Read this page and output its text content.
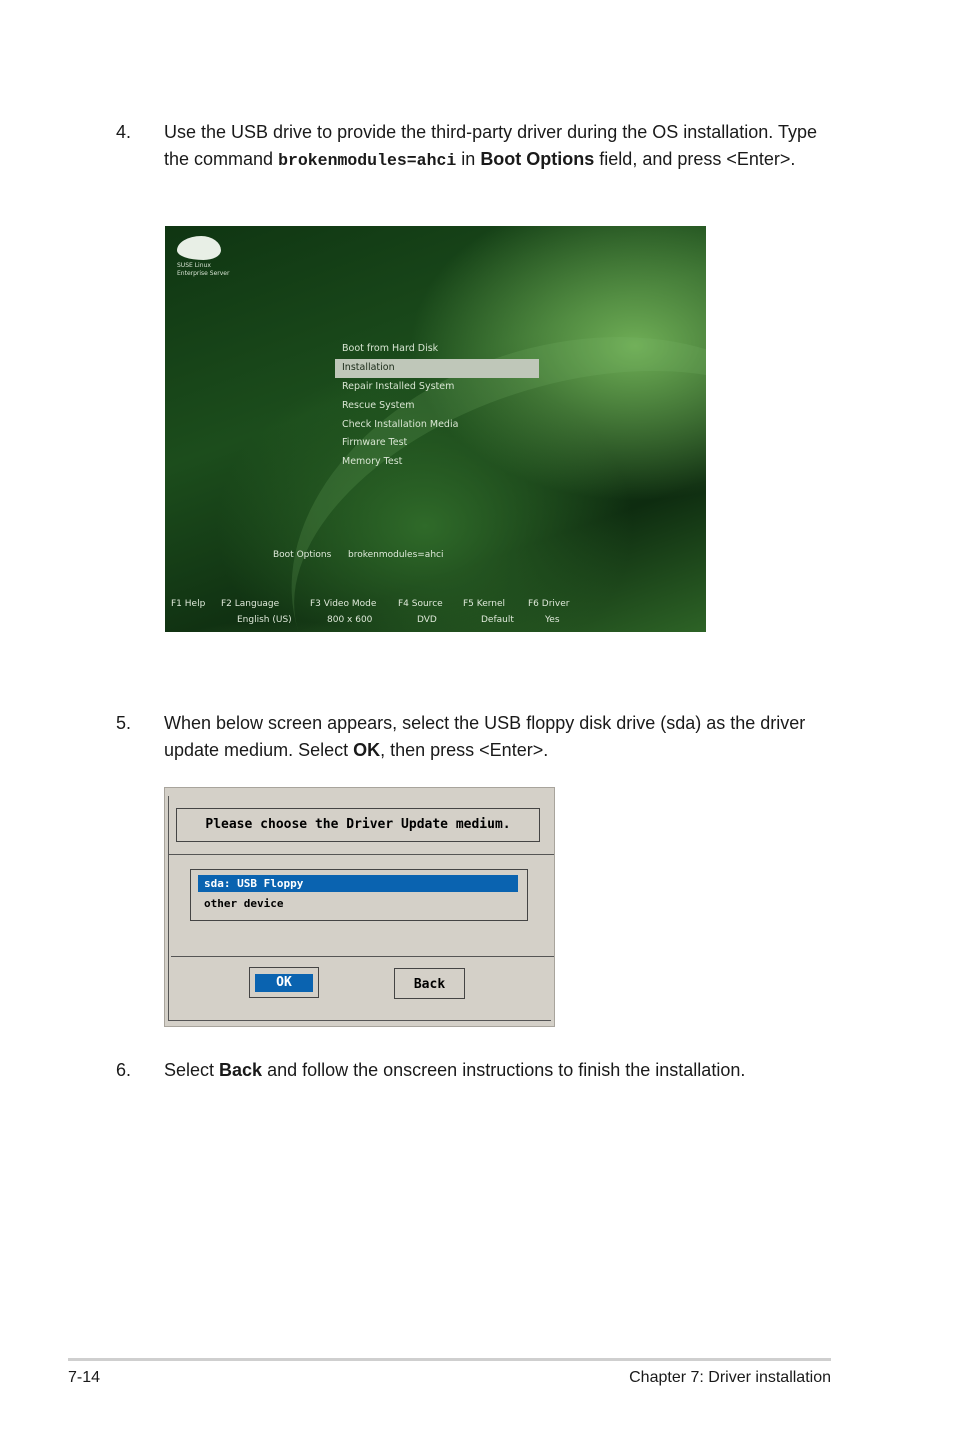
4. Use the USB drive to provide the third-party driver during the OS installation. Type the command brokenmodules=ahci in Boot Options field, and press <Enter>.
SUSE Linux
Enterprise Server
Boot from Hard Disk
Installation
Repair Installed System
Rescue System
Check Installation Media
Firmware Test
Memory Test
Boot Options brokenmodules=ahci
F1 Help F2 Language
English (US)
F3 Video Mode
800 x 600
F4 Source
DVD
F5 Kernel
Default
F6 Driver
Yes
5. When below screen appears, select the USB floppy disk drive (sda) as the driver update medium. Select OK, then press <Enter>.
Please choose the Driver Update medium.
sda: USB Floppy
other device
OK	Back
6. Select Back and follow the onscreen instructions to finish the installation.
7-14	Chapter 7: Driver installation
